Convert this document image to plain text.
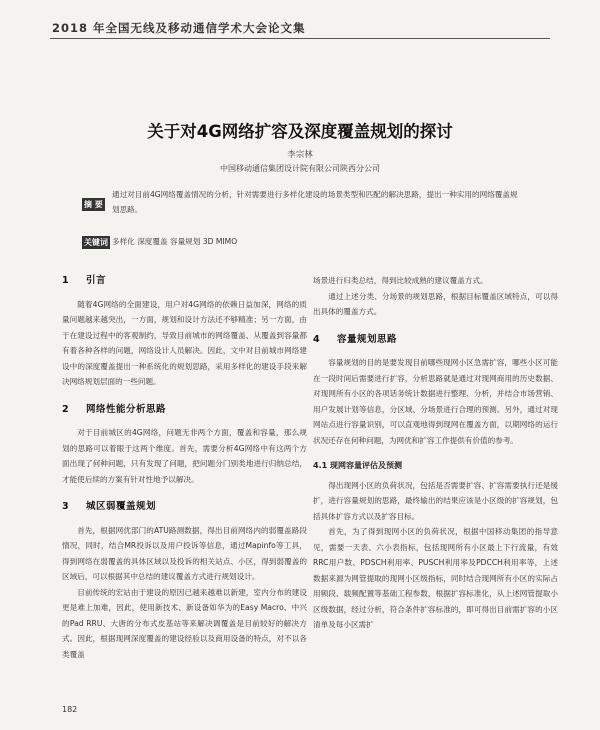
2018 年全国无线及移动通信学术大会论文集
关于对4G网络扩容及深度覆盖规划的探讨
李宗林
中国移动通信集团设计院有限公司陕西分公司
摘 要
通过对目前4G网络覆盖情况的分析，针对需要进行多样化建设的场景类型和匹配的解决思路，提出一种实用的网络覆盖规划思路。
关键词 多样化 深度覆盖 容量规划 3D MIMO
1 引言

随着4G网络的全面建设，用户对4G网络的依赖日益加深，网络的质量问题越来越突出，一方面，规划和设计方法还不够精准；另一方面，由于在建设过程中的客观制约，导致目前城市的网络覆盖、从覆盖到容量都有着各种各样的问题，网络设计人员解决。因此，文中对目前城市网络建设中的深度覆盖提出一种系统化的规划思路，采用多样化的建设手段来解决网络规划层面的一些问题。

2 网络性能分析思路

对于目前城区的4G网络，问题无非两个方面，覆盖和容量，那么规划的思路可以着眼于这两个维度。首先，需要分析4G网络中有这两个方面出现了何种问题，只有发现了问题，把问题分门别类地进行归纳总结，才能使后续的方案有针对性地予以解决。

3 城区弱覆盖规划

首先，根据网优部门的ATU路测数据，得出目前网络内的弱覆盖路段情况，同时，结合MR投诉以及用户投诉等信息，通过Mapinfo等工具，得到网络在弱覆盖的具体区域以及投诉的相关站点、小区，得到弱覆盖的区域后，可以根据其中总结的建议覆盖方式进行规划设计。

目前传统的宏站由于建设的原因已越来越难以新建，室内分布的建设更是难上加难，因此，使用新技术、新设备如华为的Easy Macro、中兴的Pad RRU、大唐的分布式皮基站等来解决调覆盖是目前较好的解决方式。因此，根据现网深度覆盖的建设经验以及商用设备的特点，对不以各类覆盖

场景进行归类总结，得到比较成熟的建议覆盖方式。

通过上述分类、分场景的规划思路，根据目标覆盖区域特点，可以得出具体的覆盖方式。

4 容量规划思路

容量规划的目的是要发现目前哪些现网小区急需扩容，哪些小区可能在一段时间后需要进行扩容，分析思路就是通过对现网商用的历史数据、对现网所有小区的各项话务统计数据进行整理、分析，并结合市场营销、用户发展计划等信息，分区域、分场景进行合理的预测。另外，通过对现网站点进行容量识别，可以直观地得到现网在覆盖方面，以期网络的运行状况还存在何种问题，为网优和扩容工作提供有价值的参考。

4.1 现网容量评估及预测

得出现网小区的负荷状况，包括是否需要扩容、扩容需要执行还是缓扩，进行容量规划的思路，最终输出的结果应该是小区级的扩容规划，包括具体扩容方式以及扩容目标。

首先，为了得到现网小区的负荷状况，根据中国移动集团的指导意见，需要一天表、六小表指标，包括现网所有小区最上下行流量，有效RRC用户数、PDSCH利用率、PUSCH利用率及PDCCH利用率等，上述数据来源为网管提取的现网小区级指标，同时结合现网所有小区的实际占用频段、载频配置等基础工程参数，根据扩容标准化，从上述网管提取小区级数据，经过分析，符合条件扩容标准的，即可得出目前需扩容的小区清单及每小区需扩

182
